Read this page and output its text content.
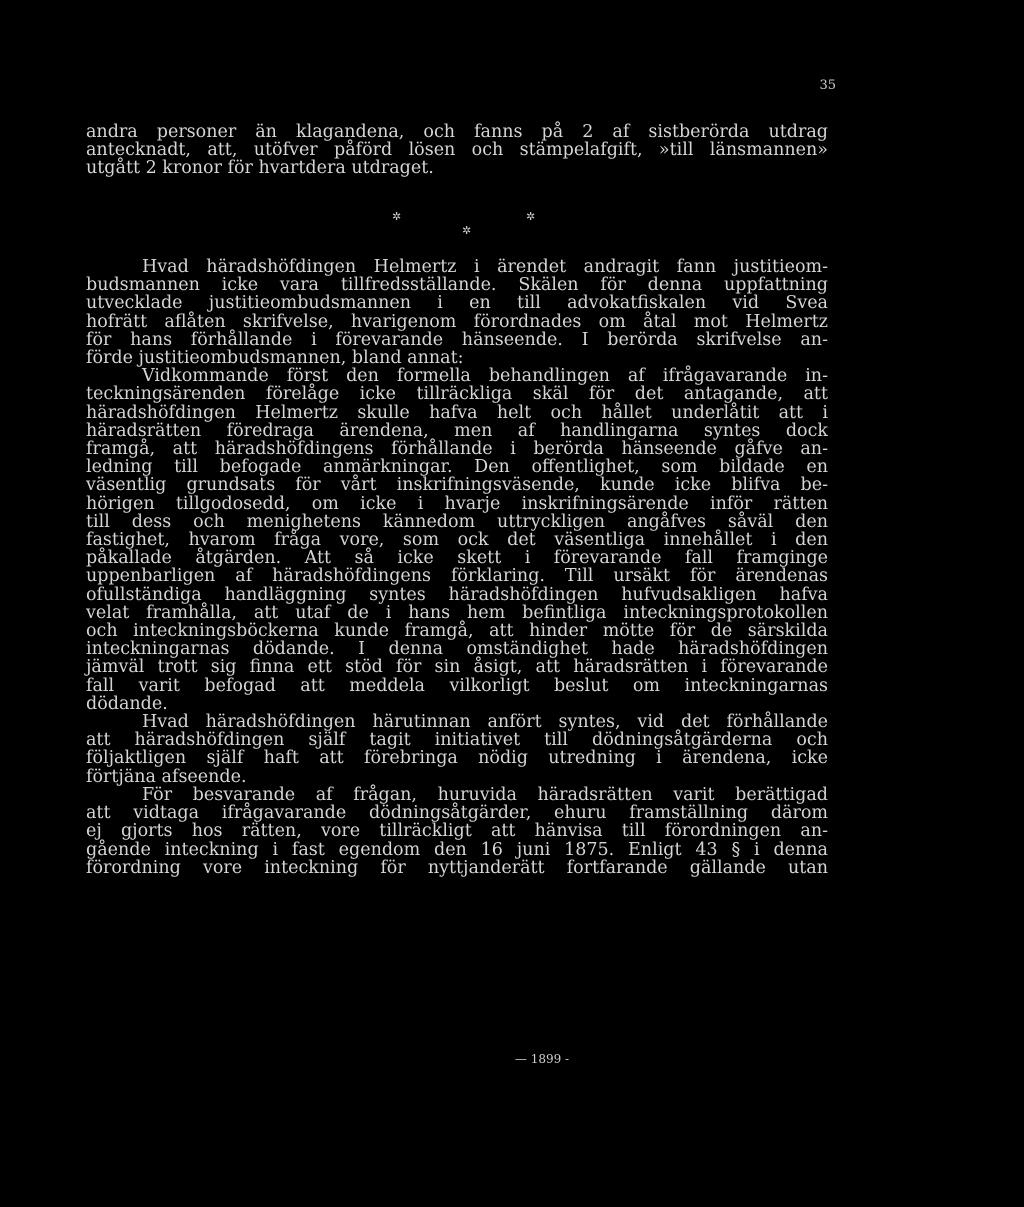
35
andra personer än klagandena, och fanns på 2 af sistberörda utdrag
antecknadt, att, utöfver påförd lösen och stämpelafgift, »till länsmannen»
utgått 2 kronor för hvartdera utdraget.
✲
✲
✲
Hvad häradshöfdingen Helmertz i ärendet andragit fann justitieom-
budsmannen icke vara tillfredsställande. Skälen för denna uppfattning
utvecklade justitieombudsmannen i en till advokatfiskalen vid Svea
hofrätt aflåten skrifvelse, hvarigenom förordnades om åtal mot Helmertz
för hans förhållande i förevarande hänseende. I berörda skrifvelse an-
förde justitieombudsmannen, bland annat:
Vidkommande först den formella behandlingen af ifrågavarande in-
teckningsärenden förelåge icke tillräckliga skäl för det antagande, att
häradshöfdingen Helmertz skulle hafva helt och hållet underlåtit att i
häradsrätten föredraga ärendena, men af handlingarna syntes dock
framgå, att häradshöfdingens förhållande i berörda hänseende gåfve an-
ledning till befogade anmärkningar. Den offentlighet, som bildade en
väsentlig grundsats för vårt inskrifningsväsende, kunde icke blifva be-
hörigen tillgodosedd, om icke i hvarje inskrifningsärende inför rätten
till dess och menighetens kännedom uttryckligen angåfves såväl den
fastighet, hvarom fråga vore, som ock det väsentliga innehållet i den
påkallade åtgärden. Att så icke skett i förevarande fall framginge
uppenbarligen af häradshöfdingens förklaring. Till ursäkt för ärendenas
ofullständiga handläggning syntes häradshöfdingen hufvudsakligen hafva
velat framhålla, att utaf de i hans hem befintliga inteckningsprotokollen
och inteckningsböckerna kunde framgå, att hinder mötte för de särskilda
inteckningarnas dödande. I denna omständighet hade häradshöfdingen
jämväl trott sig finna ett stöd för sin åsigt, att häradsrätten i förevarande
fall varit befogad att meddela vilkorligt beslut om inteckningarnas
dödande.
Hvad häradshöfdingen härutinnan anfört syntes, vid det förhållande
att häradshöfdingen själf tagit initiativet till dödningsåtgärderna och
följaktligen själf haft att förebringa nödig utredning i ärendena, icke
förtjäna afseende.
För besvarande af frågan, huruvida häradsrätten varit berättigad
att vidtaga ifrågavarande dödningsåtgärder, ehuru framställning därom
ej gjorts hos rätten, vore tillräckligt att hänvisa till förordningen an-
gående inteckning i fast egendom den 16 juni 1875. Enligt 43 § i denna
förordning vore inteckning för nyttjanderätt fortfarande gällande utan
— 1899 -
